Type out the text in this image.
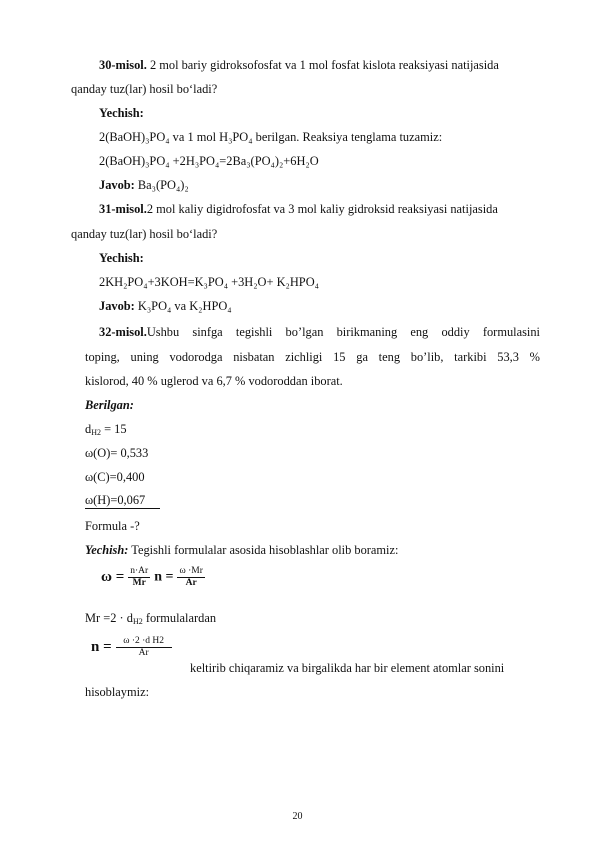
30-misol. 2 mol bariy gidroksofosfat va 1 mol fosfat kislota reaksiyasi natijasida
qanday tuz(lar) hosil bo‘ladi?
Yechish:
2(BaOH)₃PO₄ va 1 mol H₃PO₄ berilgan. Reaksiya tenglama tuzamiz:
2(BaOH)₃PO₄ +2H₃PO₄=2Ba₃(PO₄)₂+6H₂O
Javob: Ba₃(PO₄)₂
31-misol.2 mol kaliy digidrofosfat va 3 mol kaliy gidroksid reaksiyasi natijasida
qanday tuz(lar) hosil bo‘ladi?
Yechish:
2KH₂PO₄+3KOH=K₃PO₄ +3H₂O+ K₂HPO₄
Javob: K₃PO₄ va K₂HPO₄
32-misol.Ushbu sinfga tegishli bo’lgan birikmaning eng oddiy formulasini
toping, uning vodorodga nisbatan zichligi 15 ga teng bo’lib, tarkibi 53,3 %
kislorod, 40 % uglerod va 6,7 % vodoroddan iborat.
Berilgan:
$d_{H2} = 15$
ω(O)= 0,533
ω(C)=0,400
ω(H)=0,067
Formula -?
Yechish: Tegishli formulalar asosida hisoblashlar olib boramiz:
$\omega = \frac{n\cdot Ar}{Mr}$ $n = \frac{\omega \cdot Mr}{Ar}$
$Mr =2 \cdot d_{H2}$ formulalardan
$n = \frac{\text{ω ·2 ·d H2}}{Ar}$
keltirib chiqaramiz va birgalikda har bir element atomlar sonini
hisoblaymiz:
20
